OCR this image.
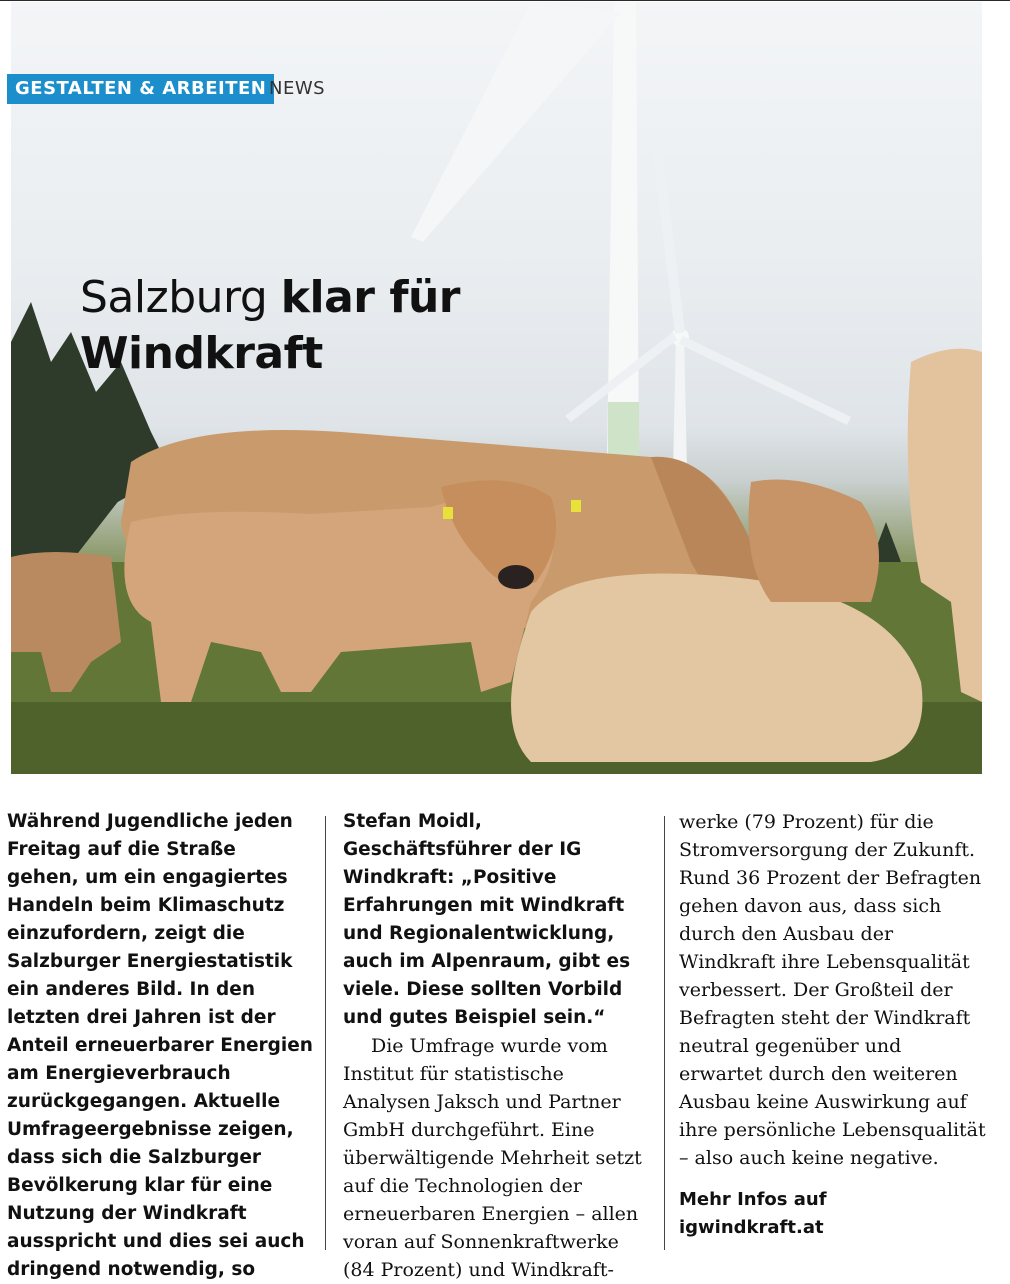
GESTALTEN & ARBEITEN NEWS
Salzburg klar für
Windkraft

Während Jugendliche jeden Freitag auf die Straße gehen, um ein engagiertes Handeln beim Klimaschutz einzufordern, zeigt die Salzburger Energiestatistik ein anderes Bild. In den letzten drei Jahren ist der Anteil erneuerbarer Energien am Energieverbrauch zurückgegangen. Aktuelle Umfrageergebnisse zeigen, dass sich die Salzburger Bevölkerung klar für eine Nutzung der Windkraft ausspricht und dies sei auch dringend notwendig, so

Stefan Moidl, Geschäftsführer der IG Windkraft: „Positive Erfahrungen mit Windkraft und Regionalentwicklung, auch im Alpenraum, gibt es viele. Diese sollten Vorbild und gutes Beispiel sein.“

Die Umfrage wurde vom Institut für statistische Analysen Jaksch und Partner GmbH durchgeführt. Eine überwältigende Mehrheit setzt auf die Technologien der erneuerbaren Energien – allen voran auf Sonnenkraftwerke (84 Prozent) und Windkraft-

werke (79 Prozent) für die Stromversorgung der Zukunft. Rund 36 Prozent der Befragten gehen davon aus, dass sich durch den Ausbau der Windkraft ihre Lebensqualität verbessert. Der Großteil der Befragten steht der Windkraft neutral gegenüber und erwartet durch den weiteren Ausbau keine Auswirkung auf ihre persönliche Lebensqualität – also auch keine negative.

Mehr Infos auf
igwindkraft.at
